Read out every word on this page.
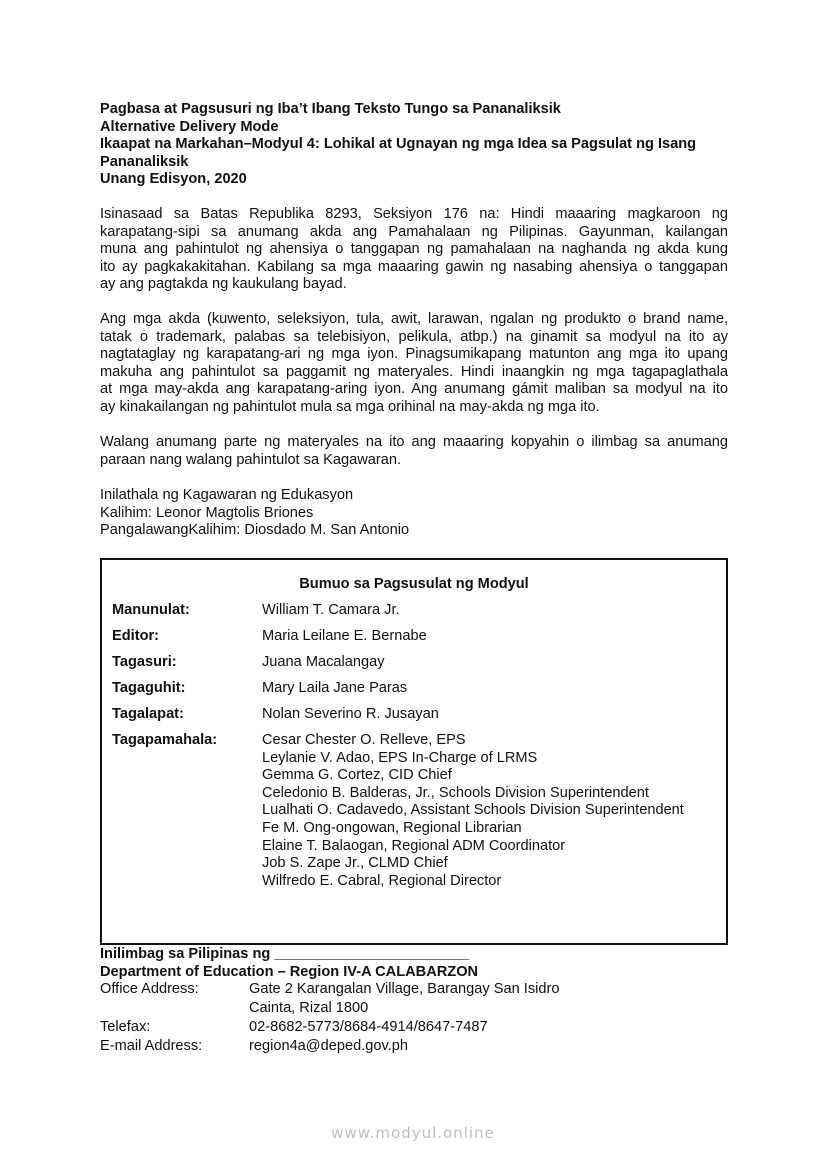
Pagbasa at Pagsusuri ng Iba’t Ibang Teksto Tungo sa Pananaliksik
Alternative Delivery Mode
Ikaapat na Markahan–Modyul 4: Lohikal at Ugnayan ng mga Idea sa Pagsulat ng Isang
Pananaliksik
Unang Edisyon, 2020
Isinasaad sa Batas Republika 8293, Seksiyon 176 na: Hindi maaaring magkaroon ng
karapatang-sipi sa anumang akda ang Pamahalaan ng Pilipinas. Gayunman, kailangan
muna ang pahintulot ng ahensiya o tanggapan ng pamahalaan na naghanda ng akda kung
ito ay pagkakakitahan. Kabilang sa mga maaaring gawin ng nasabing ahensiya o tanggapan
ay ang pagtakda ng kaukulang bayad.
Ang mga akda (kuwento, seleksiyon, tula, awit, larawan, ngalan ng produkto o brand name,
tatak o trademark, palabas sa telebisiyon, pelikula, atbp.) na ginamit sa modyul na ito ay
nagtataglay ng karapatang-ari ng mga iyon. Pinagsumikapang matunton ang mga ito upang
makuha ang pahintulot sa paggamit ng materyales. Hindi inaangkin ng mga tagapaglathala
at mga may-akda ang karapatang-aring iyon. Ang anumang gámit maliban sa modyul na ito
ay kinakailangan ng pahintulot mula sa mga orihinal na may-akda ng mga ito.
Walang anumang parte ng materyales na ito ang maaaring kopyahin o ilimbag sa anumang
paraan nang walang pahintulot sa Kagawaran.
Inilathala ng Kagawaran ng Edukasyon
Kalihim: Leonor Magtolis Briones
PangalawangKalihim: Diosdado M. San Antonio
Bumuo sa Pagsusulat ng Modyul
Manunulat:	William T. Camara Jr.
Editor:	Maria Leilane E. Bernabe
Tagasuri:	Juana Macalangay
Tagaguhit:	Mary Laila Jane Paras
Tagalapat:	Nolan Severino R. Jusayan
Tagapamahala:	Cesar Chester O. Relleve, EPS
Leylanie V. Adao, EPS In-Charge of LRMS
Gemma G. Cortez, CID Chief
Celedonio B. Balderas, Jr., Schools Division Superintendent
Lualhati O. Cadavedo, Assistant Schools Division Superintendent
Fe M. Ong-ongowan, Regional Librarian
Elaine T. Balaogan, Regional ADM Coordinator
Job S. Zape Jr., CLMD Chief
Wilfredo E. Cabral, Regional Director
Inilimbag sa Pilipinas ng ________________________
Department of Education – Region IV-A CALABARZON
Office Address:	Gate 2 Karangalan Village, Barangay San Isidro
Cainta, Rizal 1800
Telefax:	02-8682-5773/8684-4914/8647-7487
E-mail Address:	region4a@deped.gov.ph
www.modyul.online
